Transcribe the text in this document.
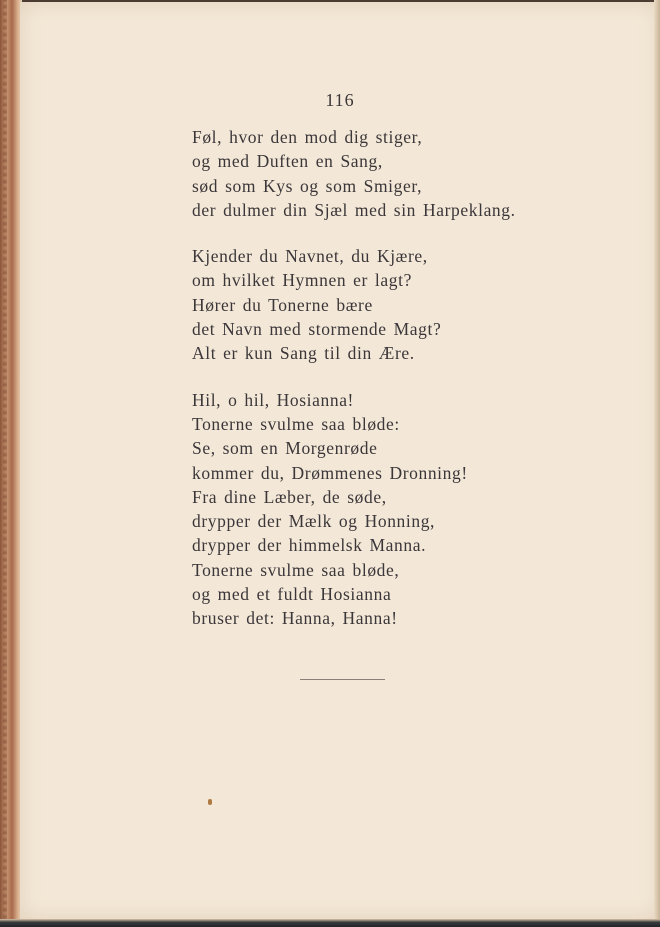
116
Føl, hvor den mod dig stiger,
og med Duften en Sang,
sød som Kys og som Smiger,
der dulmer din Sjæl med sin Harpeklang.
Kjender du Navnet, du Kjære,
om hvilket Hymnen er lagt?
Hører du Tonerne bære
det Navn med stormende Magt?
Alt er kun Sang til din Ære.
Hil, o hil, Hosianna!
Tonerne svulme saa bløde:
Se, som en Morgenrøde
kommer du, Drømmenes Dronning!
Fra dine Læber, de søde,
drypper der Mælk og Honning,
drypper der himmelsk Manna.
Tonerne svulme saa bløde,
og med et fuldt Hosianna
bruser det: Hanna, Hanna!
